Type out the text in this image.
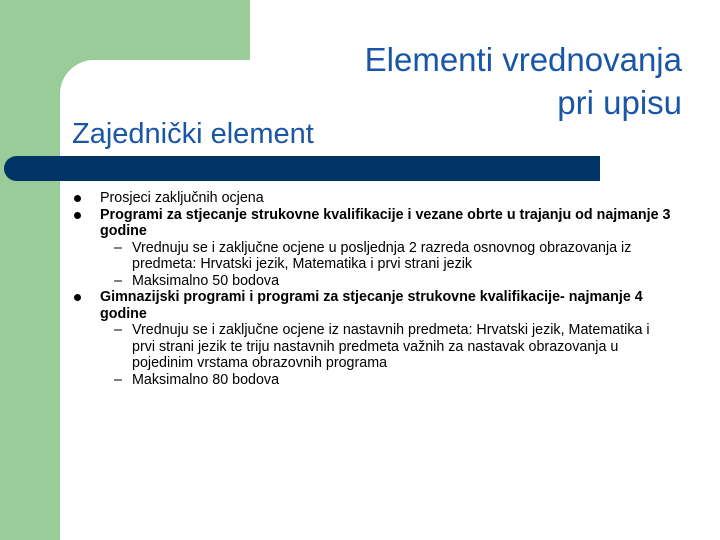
Elementi vrednovanja
pri upisu
Zajednički element
Prosjeci zaključnih ocjena
Programi za stjecanje strukovne kvalifikacije i vezane obrte u trajanju od najmanje 3 godine
– Vrednuju se i zaključne ocjene u posljednja 2 razreda osnovnog obrazovanja iz predmeta: Hrvatski jezik, Matematika i prvi strani jezik
– Maksimalno 50 bodova
Gimnazijski programi i programi za stjecanje strukovne kvalifikacije- najmanje 4 godine
– Vrednuju se i zaključne ocjene iz nastavnih predmeta: Hrvatski jezik, Matematika i prvi strani jezik te triju nastavnih predmeta važnih za nastavak obrazovanja u pojedinim vrstama obrazovnih programa
– Maksimalno 80 bodova
